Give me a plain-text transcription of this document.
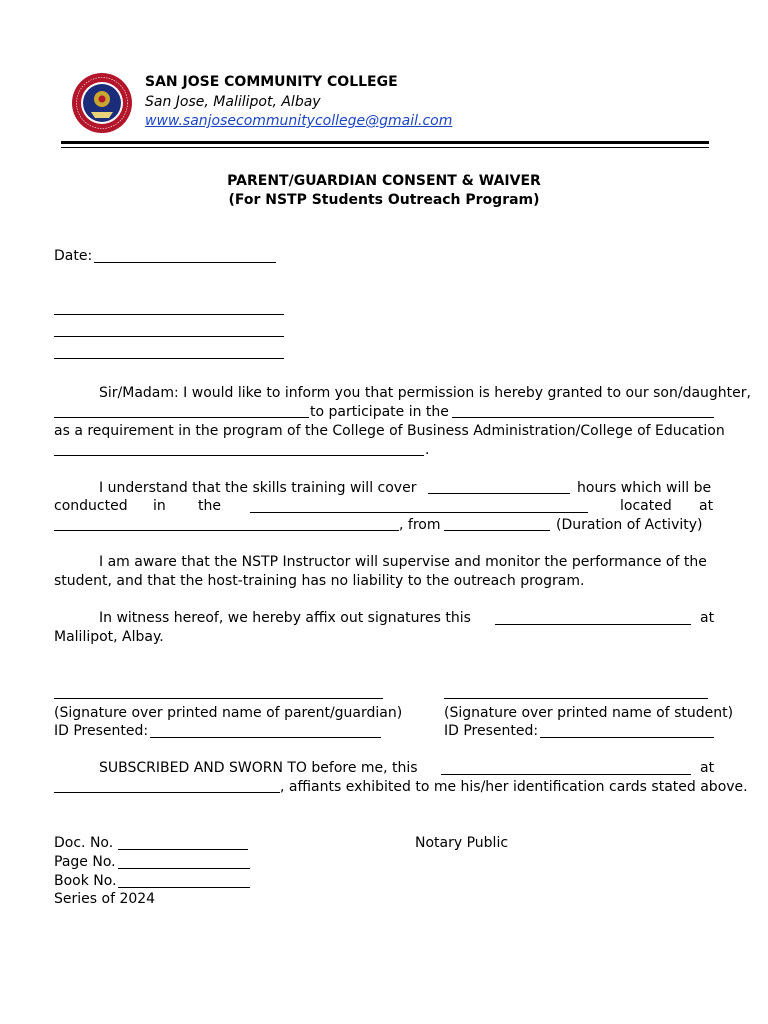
SAN JOSE COMMUNITY COLLEGE
San Jose, Malilipot, Albay
www.sanjosecommunitycollege@gmail.com
PARENT/GUARDIAN CONSENT & WAIVER
(For NSTP Students Outreach Program)
Date:
Sir/Madam: I would like to inform you that permission is hereby granted to our son/daughter,
to participate in the
as a requirement in the program of the College of Business Administration/College of Education
.
I understand that the skills training will cover	hours which will be
conducted in the	located at
, from	(Duration of Activity)
I am aware that the NSTP Instructor will supervise and monitor the performance of the
student, and that the host-training has no liability to the outreach program.
In witness hereof, we hereby affix out signatures this	at
Malilipot, Albay.
(Signature over printed name of parent/guardian)
ID Presented:
(Signature over printed name of student)
ID Presented:
SUBSCRIBED AND SWORN TO before me, this	at
, affiants exhibited to me his/her identification cards stated above.
Doc. No.
Page No.
Book No.
Series of 2024
Notary Public
